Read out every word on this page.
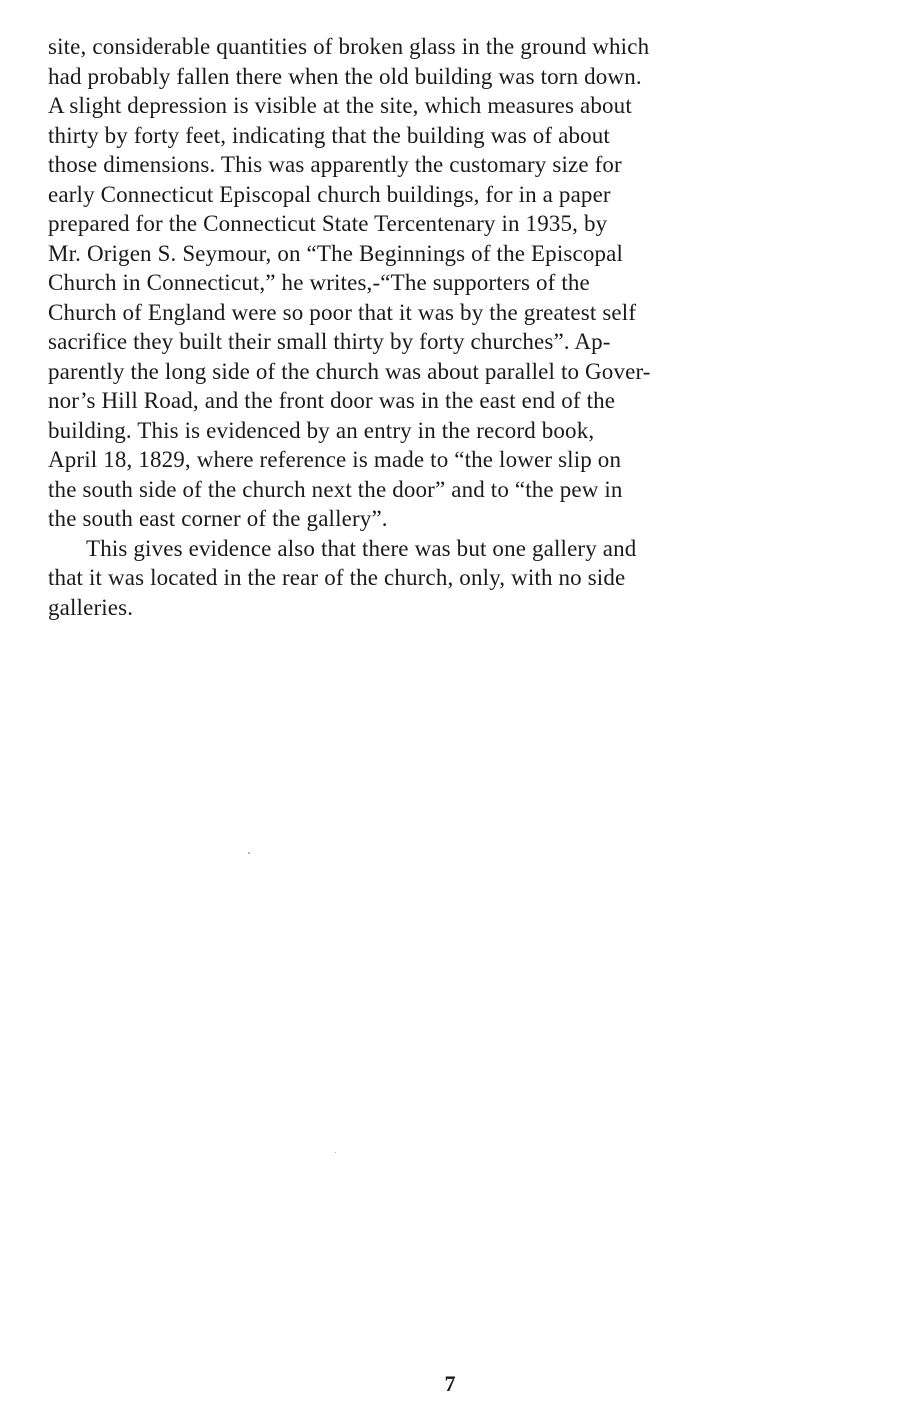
site, considerable quantities of broken glass in the ground which
had probably fallen there when the old building was torn down.
A slight depression is visible at the site, which measures about
thirty by forty feet, indicating that the building was of about
those dimensions. This was apparently the customary size for
early Connecticut Episcopal church buildings, for in a paper
prepared for the Connecticut State Tercentenary in 1935, by
Mr. Origen S. Seymour, on “The Beginnings of the Episcopal
Church in Connecticut,” he writes,-“The supporters of the
Church of England were so poor that it was by the greatest self
sacrifice they built their small thirty by forty churches”. Ap-
parently the long side of the church was about parallel to Gover-
nor’s Hill Road, and the front door was in the east end of the
building. This is evidenced by an entry in the record book,
April 18, 1829, where reference is made to “the lower slip on
the south side of the church next the door” and to “the pew in
the south east corner of the gallery”.
This gives evidence also that there was but one gallery and
that it was located in the rear of the church, only, with no side
galleries.
7
